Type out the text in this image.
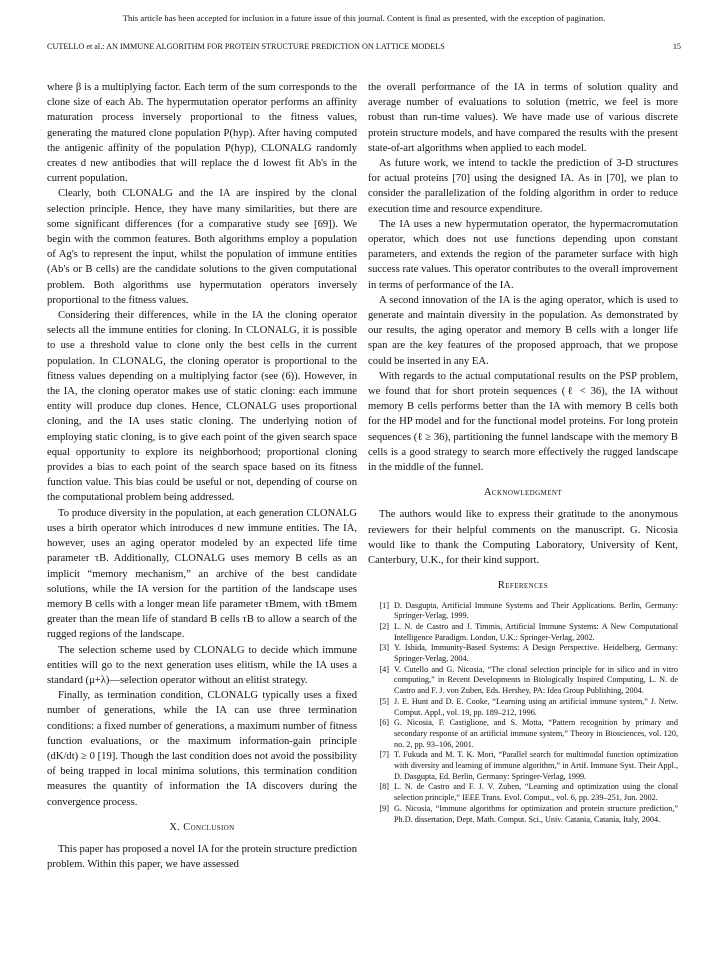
This article has been accepted for inclusion in a future issue of this journal. Content is final as presented, with the exception of pagination.
CUTELLO et al.: AN IMMUNE ALGORITHM FOR PROTEIN STRUCTURE PREDICTION ON LATTICE MODELS	15

where β is a multiplying factor. Each term of the sum corresponds to the clone size of each Ab. The hypermutation operator performs an affinity maturation process inversely proportional to the fitness values, generating the matured clone population P(hyp). After having computed the antigenic affinity of the population P(hyp), CLONALG randomly creates d new antibodies that will replace the d lowest fit Ab's in the current population.

Clearly, both CLONALG and the IA are inspired by the clonal selection principle. Hence, they have many similarities, but there are some significant differences (for a comparative study see [69]). We begin with the common features. Both algorithms employ a population of Ag's to represent the input, whilst the population of immune entities (Ab's or B cells) are the candidate solutions to the given computational problem. Both algorithms use hypermutation operators inversely proportional to the fitness values.

Considering their differences, while in the IA the cloning operator selects all the immune entities for cloning. In CLONALG, it is possible to use a threshold value to clone only the best cells in the current population. In CLONALG, the cloning operator is proportional to the fitness values depending on a multiplying factor (see (6)). However, in the IA, the cloning operator makes use of static cloning: each immune entity will produce dup clones. Hence, CLONALG uses proportional cloning, and the IA uses static cloning. The underlying notion of employing static cloning, is to give each point of the given search space equal opportunity to explore its neighborhood; proportional cloning provides a bias to each point of the search space based on its fitness function value. This bias could be useful or not, depending of course on the computational problem being addressed.

To produce diversity in the population, at each generation CLONALG uses a birth operator which introduces d new immune entities. The IA, however, uses an aging operator modeled by an expected life time parameter τB. Additionally, CLONALG uses memory B cells as an implicit “memory mechanism,” an archive of the best candidate solutions, while the IA version for the partition of the landscape uses memory B cells with a longer mean life parameter τBmem, with τBmem greater than the mean life of standard B cells τB to allow a search of the rugged regions of the landscape.

The selection scheme used by CLONALG to decide which immune entities will go to the next generation uses elitism, while the IA uses a standard (μ+λ)—selection operator without an elitist strategy.

Finally, as termination condition, CLONALG typically uses a fixed number of generations, while the IA can use three termination conditions: a fixed number of generations, a maximum number of fitness function evaluations, or the maximum information-gain principle (dK/dt) ≥ 0 [19]. Though the last condition does not avoid the possibility of being trapped in local minima solutions, this termination condition measures the quantity of information the IA discovers during the convergence process.

X. Conclusion

This paper has proposed a novel IA for the protein structure prediction problem. Within this paper, we have assessed

the overall performance of the IA in terms of solution quality and average number of evaluations to solution (metric, we feel is more robust than run-time values). We have made use of various discrete protein structure models, and have compared the results with the present state-of-art algorithms when applied to each model.

As future work, we intend to tackle the prediction of 3-D structures for actual proteins [70] using the designed IA. As in [70], we plan to consider the parallelization of the folding algorithm in order to reduce execution time and resource expenditure.

The IA uses a new hypermutation operator, the hypermacromutation operator, which does not use functions depending upon constant parameters, and extends the region of the parameter surface with high success rate values. This operator contributes to the overall improvement in terms of performance of the IA.

A second innovation of the IA is the aging operator, which is used to generate and maintain diversity in the population. As demonstrated by our results, the aging operator and memory B cells with a longer life span are the key features of the proposed approach, that we propose could be inserted in any EA.

With regards to the actual computational results on the PSP problem, we found that for short protein sequences (ℓ < 36), the IA without memory B cells performs better than the IA with memory B cells both for the HP model and for the functional model proteins. For long protein sequences (ℓ ≥ 36), partitioning the funnel landscape with the memory B cells is a good strategy to search more effectively the rugged landscape in the middle of the funnel.

Acknowledgment

The authors would like to express their gratitude to the anonymous reviewers for their helpful comments on the manuscript. G. Nicosia would like to thank the Computing Laboratory, University of Kent, Canterbury, U.K., for their kind support.

References
[1] D. Dasgupta, Artificial Immune Systems and Their Applications. Berlin, Germany: Springer-Verlag, 1999.
[2] L. N. de Castro and J. Timmis, Artificial Immune Systems: A New Computational Intelligence Paradigm. London, U.K.: Springer-Verlag, 2002.
[3] Y. Ishida, Immunity-Based Systems: A Design Perspective. Heidelberg, Germany: Springer-Verlag, 2004.
[4] V. Cutello and G. Nicosia, “The clonal selection principle for in silico and in vitro computing,” in Recent Developments in Biologically Inspired Computing, L. N. de Castro and F. J. von Zuben, Eds. Hershey, PA: Idea Group Publishing, 2004.
[5] J. E. Hunt and D. E. Cooke, “Learning using an artificial immune system,” J. Netw. Comput. Appl., vol. 19, pp. 189–212, 1996.
[6] G. Nicosia, F. Castiglione, and S. Motta, “Pattern recognition by primary and secondary response of an artificial immune system,” Theory in Biosciences, vol. 120, no. 2, pp. 93–106, 2001.
[7] T. Fukuda and M. T. K. Mori, “Parallel search for multimodal function optimization with diversity and learning of immune algorithm,” in Artif. Immune Syst. Their Appl., D. Dasgupta, Ed. Berlin, Germany: Springer-Verlag, 1999.
[8] L. N. de Castro and F. J. V. Zuben, “Learning and optimization using the clonal selection principle,” IEEE Trans. Evol. Comput., vol. 6, pp. 239–251, Jun. 2002.
[9] G. Nicosia, “Immune algorithms for optimization and protein structure prediction,” Ph.D. dissertation, Dept. Math. Comput. Sci., Univ. Catania, Catania, Italy, 2004.
